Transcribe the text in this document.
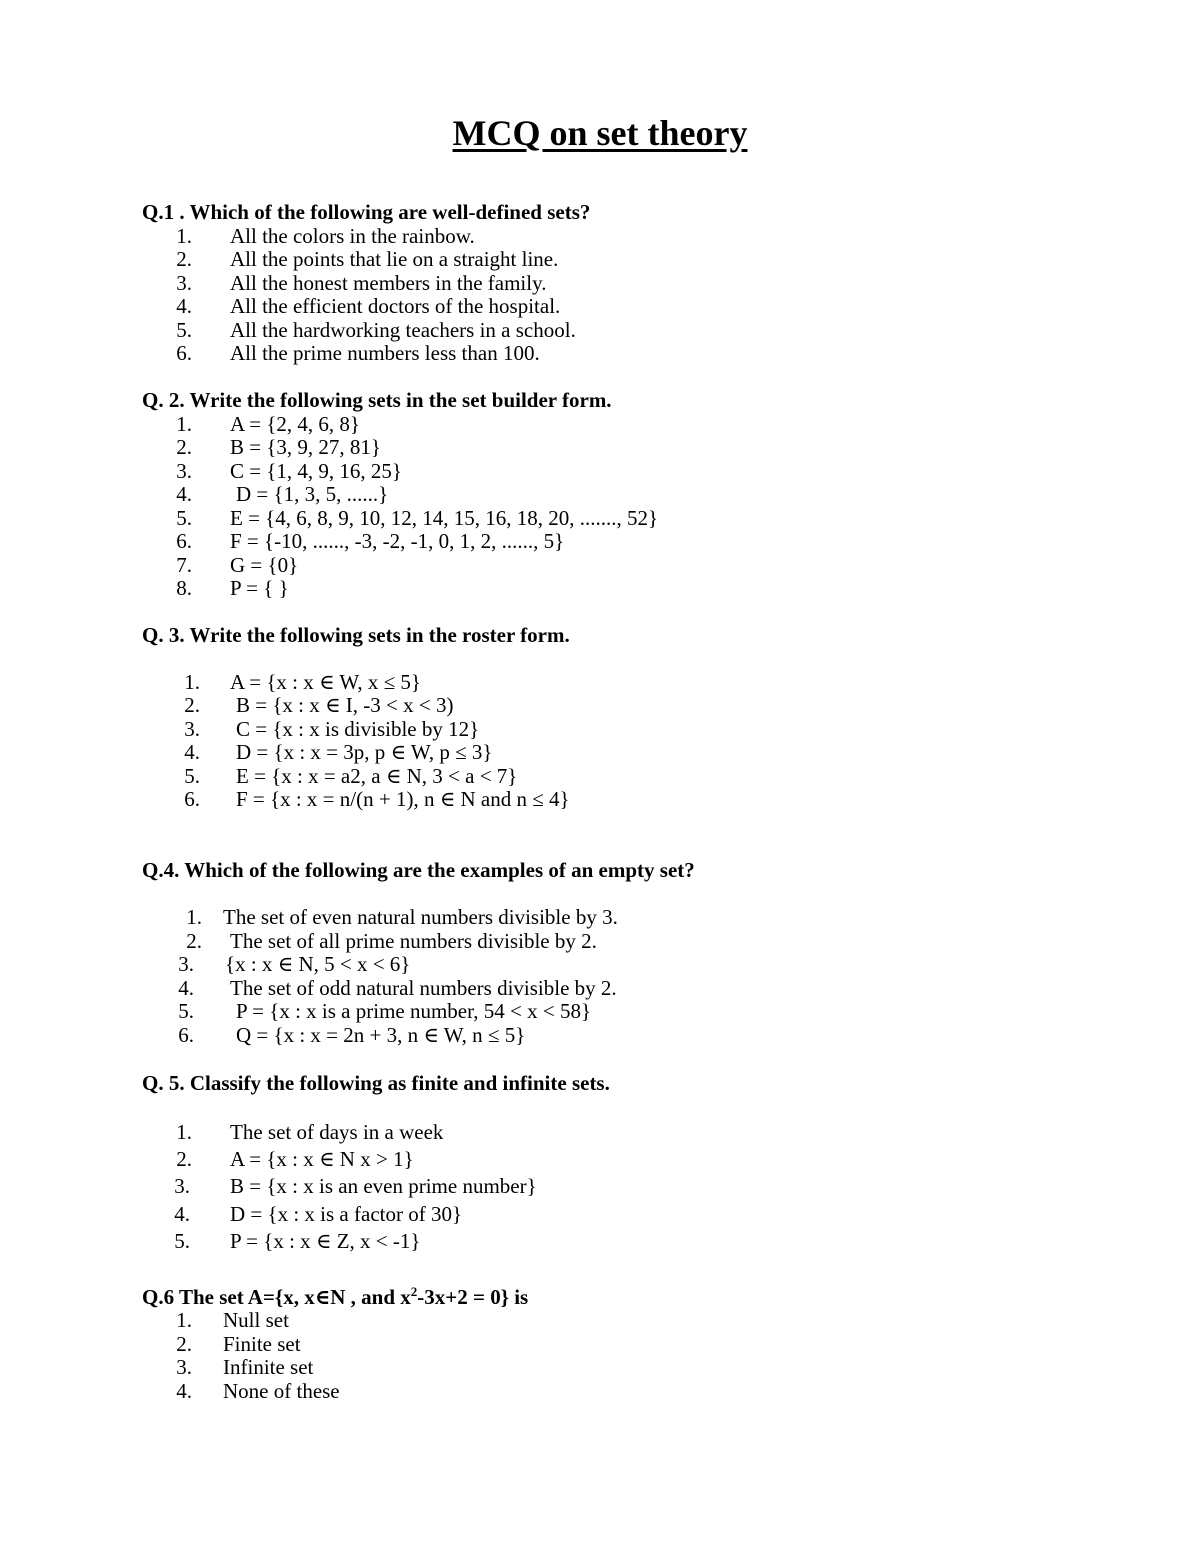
MCQ on set theory
Q.1 . Which of the following are well-defined sets?
1. All the colors in the rainbow.
2. All the points that lie on a straight line.
3. All the honest members in the family.
4. All the efficient doctors of the hospital.
5. All the hardworking teachers in a school.
6. All the prime numbers less than 100.
Q. 2. Write the following sets in the set builder form.
1. A = {2, 4, 6, 8}
2. B = {3, 9, 27, 81}
3. C = {1, 4, 9, 16, 25}
4. D = {1, 3, 5, ......}
5. E = {4, 6, 8, 9, 10, 12, 14, 15, 16, 18, 20, ......., 52}
6. F = {-10, ......, -3, -2, -1, 0, 1, 2, ......, 5}
7. G = {0}
8. P = { }
Q. 3. Write the following sets in the roster form.
1. A = {x : x ∈ W, x ≤ 5}
2. B = {x : x ∈ I, -3 < x < 3)
3. C = {x : x is divisible by 12}
4. D = {x : x = 3p, p ∈ W, p ≤ 3}
5. E = {x : x = a2, a ∈ N, 3 < a < 7}
6. F = {x : x = n/(n + 1), n ∈ N and n ≤ 4}
Q.4. Which of the following are the examples of an empty set?
1. The set of even natural numbers divisible by 3.
2. The set of all prime numbers divisible by 2.
3. {x : x ∈ N, 5 < x < 6}
4. The set of odd natural numbers divisible by 2.
5. P = {x : x is a prime number, 54 < x < 58}
6. Q = {x : x = 2n + 3, n ∈ W, n ≤ 5}
Q. 5. Classify the following as finite and infinite sets.
1. The set of days in a week
2. A = {x : x ∈ N x > 1}
3. B = {x : x is an even prime number}
4. D = {x : x is a factor of 30}
5. P = {x : x ∈ Z, x < -1}
Q.6 The set A={x, x∈N , and $x^2-3x+2 = 0$} is
1. Null set
2. Finite set
3. Infinite set
4. None of these
